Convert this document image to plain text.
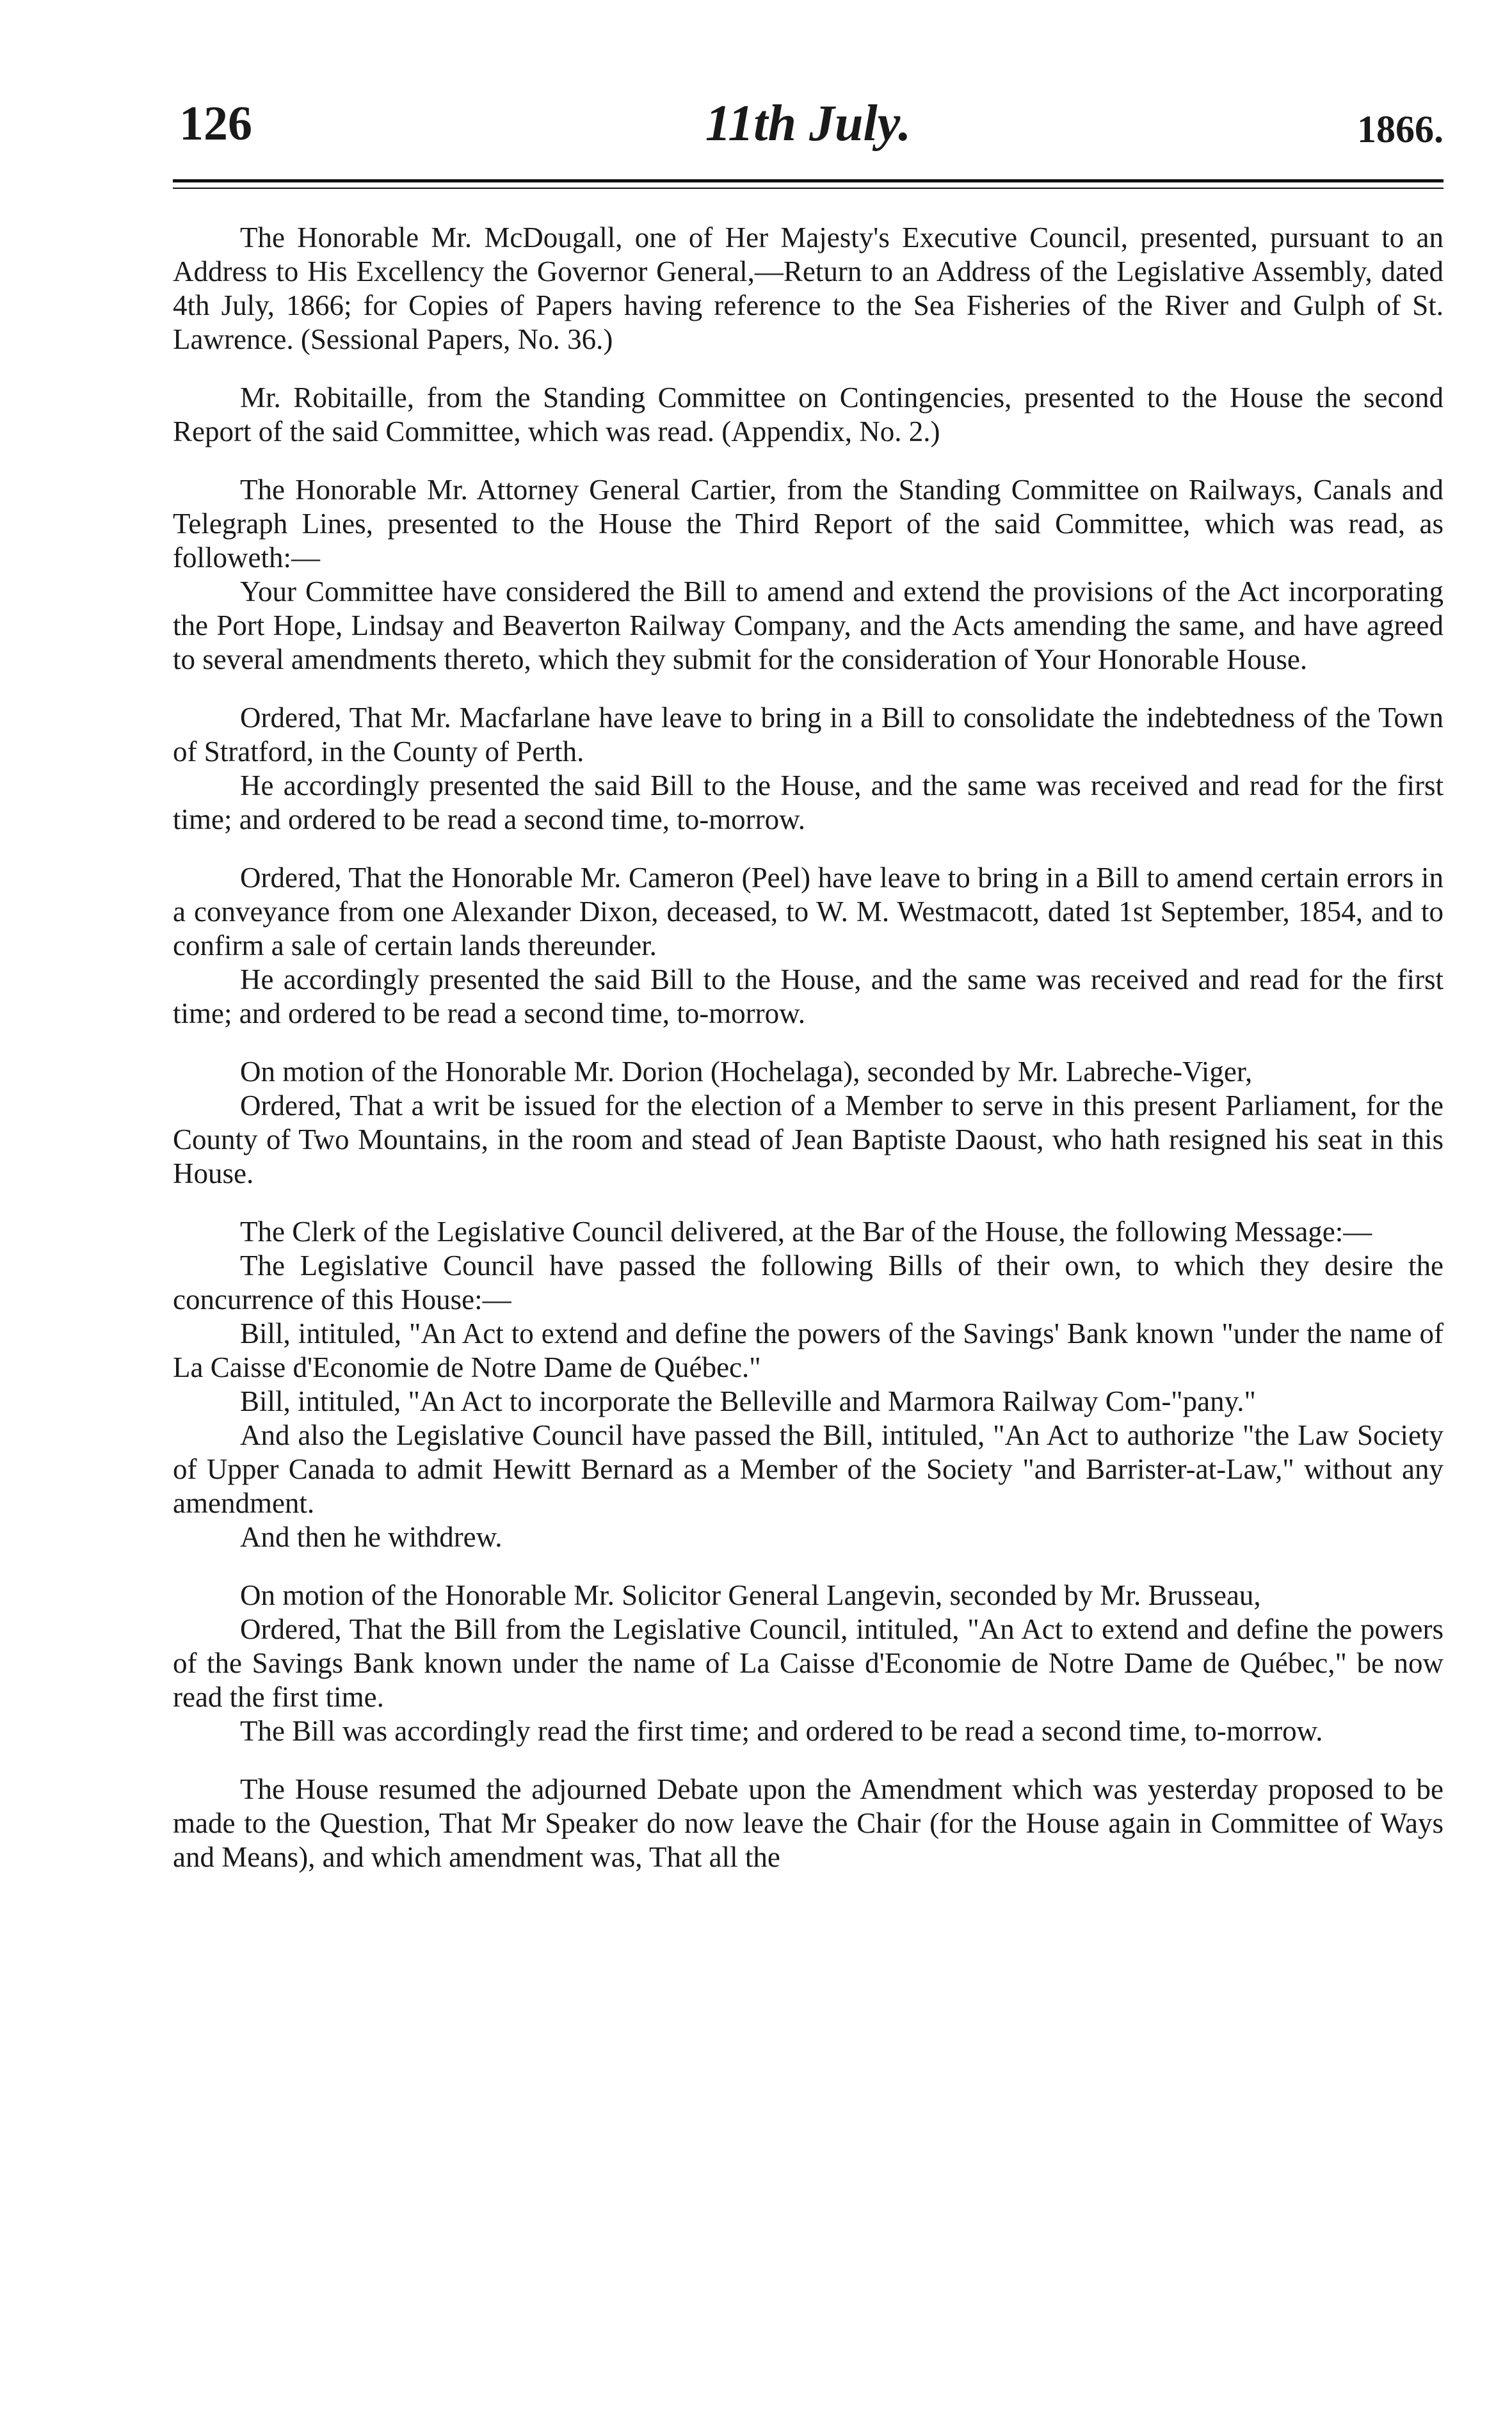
126	11th July.	1866.

The Honorable Mr. McDougall, one of Her Majesty's Executive Council, presented, pursuant to an Address to His Excellency the Governor General,—Return to an Address of the Legislative Assembly, dated 4th July, 1866; for Copies of Papers having reference to the Sea Fisheries of the River and Gulph of St. Lawrence. (Sessional Papers, No. 36.)

Mr. Robitaille, from the Standing Committee on Contingencies, presented to the House the second Report of the said Committee, which was read. (Appendix, No. 2.)

The Honorable Mr. Attorney General Cartier, from the Standing Committee on Railways, Canals and Telegraph Lines, presented to the House the Third Report of the said Committee, which was read, as followeth:—

Your Committee have considered the Bill to amend and extend the provisions of the Act incorporating the Port Hope, Lindsay and Beaverton Railway Company, and the Acts amending the same, and have agreed to several amendments thereto, which they submit for the consideration of Your Honorable House.

Ordered, That Mr. Macfarlane have leave to bring in a Bill to consolidate the indebtedness of the Town of Stratford, in the County of Perth.

He accordingly presented the said Bill to the House, and the same was received and read for the first time; and ordered to be read a second time, to-morrow.

Ordered, That the Honorable Mr. Cameron (Peel) have leave to bring in a Bill to amend certain errors in a conveyance from one Alexander Dixon, deceased, to W. M. Westmacott, dated 1st September, 1854, and to confirm a sale of certain lands thereunder.

He accordingly presented the said Bill to the House, and the same was received and read for the first time; and ordered to be read a second time, to-morrow.

On motion of the Honorable Mr. Dorion (Hochelaga), seconded by Mr. Labreche-Viger,

Ordered, That a writ be issued for the election of a Member to serve in this present Parliament, for the County of Two Mountains, in the room and stead of Jean Baptiste Daoust, who hath resigned his seat in this House.

The Clerk of the Legislative Council delivered, at the Bar of the House, the following Message:—

The Legislative Council have passed the following Bills of their own, to which they desire the concurrence of this House:—

Bill, intituled, "An Act to extend and define the powers of the Savings' Bank known "under the name of La Caisse d'Economie de Notre Dame de Québec."

Bill, intituled, "An Act to incorporate the Belleville and Marmora Railway Com-"pany."

And also the Legislative Council have passed the Bill, intituled, "An Act to authorize "the Law Society of Upper Canada to admit Hewitt Bernard as a Member of the Society "and Barrister-at-Law," without any amendment.

And then he withdrew.

On motion of the Honorable Mr. Solicitor General Langevin, seconded by Mr. Brusseau,

Ordered, That the Bill from the Legislative Council, intituled, "An Act to extend and define the powers of the Savings Bank known under the name of La Caisse d'Economie de Notre Dame de Québec," be now read the first time.

The Bill was accordingly read the first time; and ordered to be read a second time, to-morrow.

The House resumed the adjourned Debate upon the Amendment which was yesterday proposed to be made to the Question, That Mr Speaker do now leave the Chair (for the House again in Committee of Ways and Means), and which amendment was, That all the
